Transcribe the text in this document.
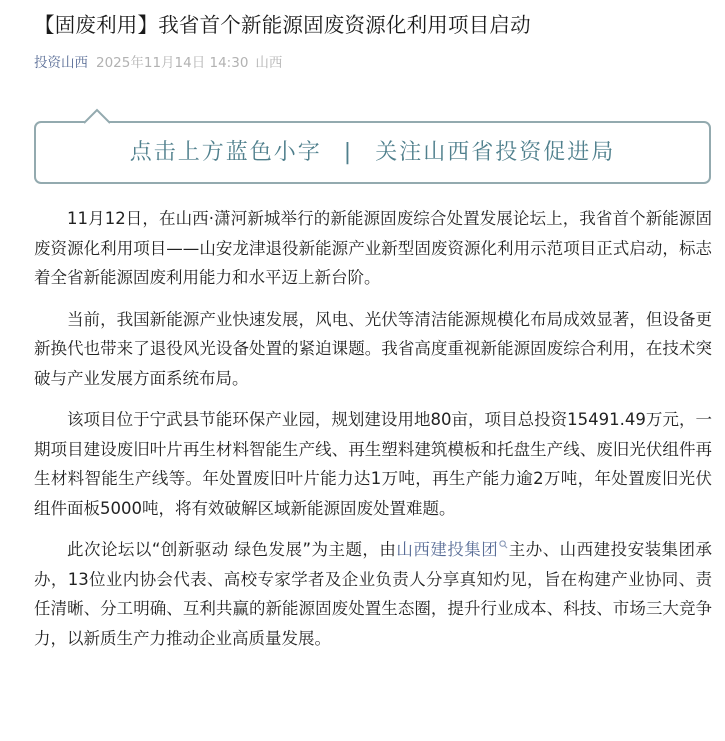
【固废利用】我省首个新能源固废资源化利用项目启动
投资山西 2025年11月14日 14:30 山西
点击上方蓝色小字 | 关注山西省投资促进局

11月12日，在山西·潇河新城举行的新能源固废综合处置发展论坛上，我省首个新能源固废资源化利用项目——山安龙津退役新能源产业新型固废资源化利用示范项目正式启动，标志着全省新能源固废利用能力和水平迈上新台阶。

当前，我国新能源产业快速发展，风电、光伏等清洁能源规模化布局成效显著，但设备更新换代也带来了退役风光设备处置的紧迫课题。我省高度重视新能源固废综合利用，在技术突破与产业发展方面系统布局。

该项目位于宁武县节能环保产业园，规划建设用地80亩，项目总投资15491.49万元，一期项目建设废旧叶片再生材料智能生产线、再生塑料建筑模板和托盘生产线、废旧光伏组件再生材料智能生产线等。年处置废旧叶片能力达1万吨，再生产能力逾2万吨，年处置废旧光伏组件面板5000吨，将有效破解区域新能源固废处置难题。

此次论坛以“创新驱动 绿色发展”为主题，由山西建投集团 主办、山西建投安装集团承办，13位业内协会代表、高校专家学者及企业负责人分享真知灼见，旨在构建产业协同、责任清晰、分工明确、互利共赢的新能源固废处置生态圈，提升行业成本、科技、市场三大竞争力，以新质生产力推动企业高质量发展。
